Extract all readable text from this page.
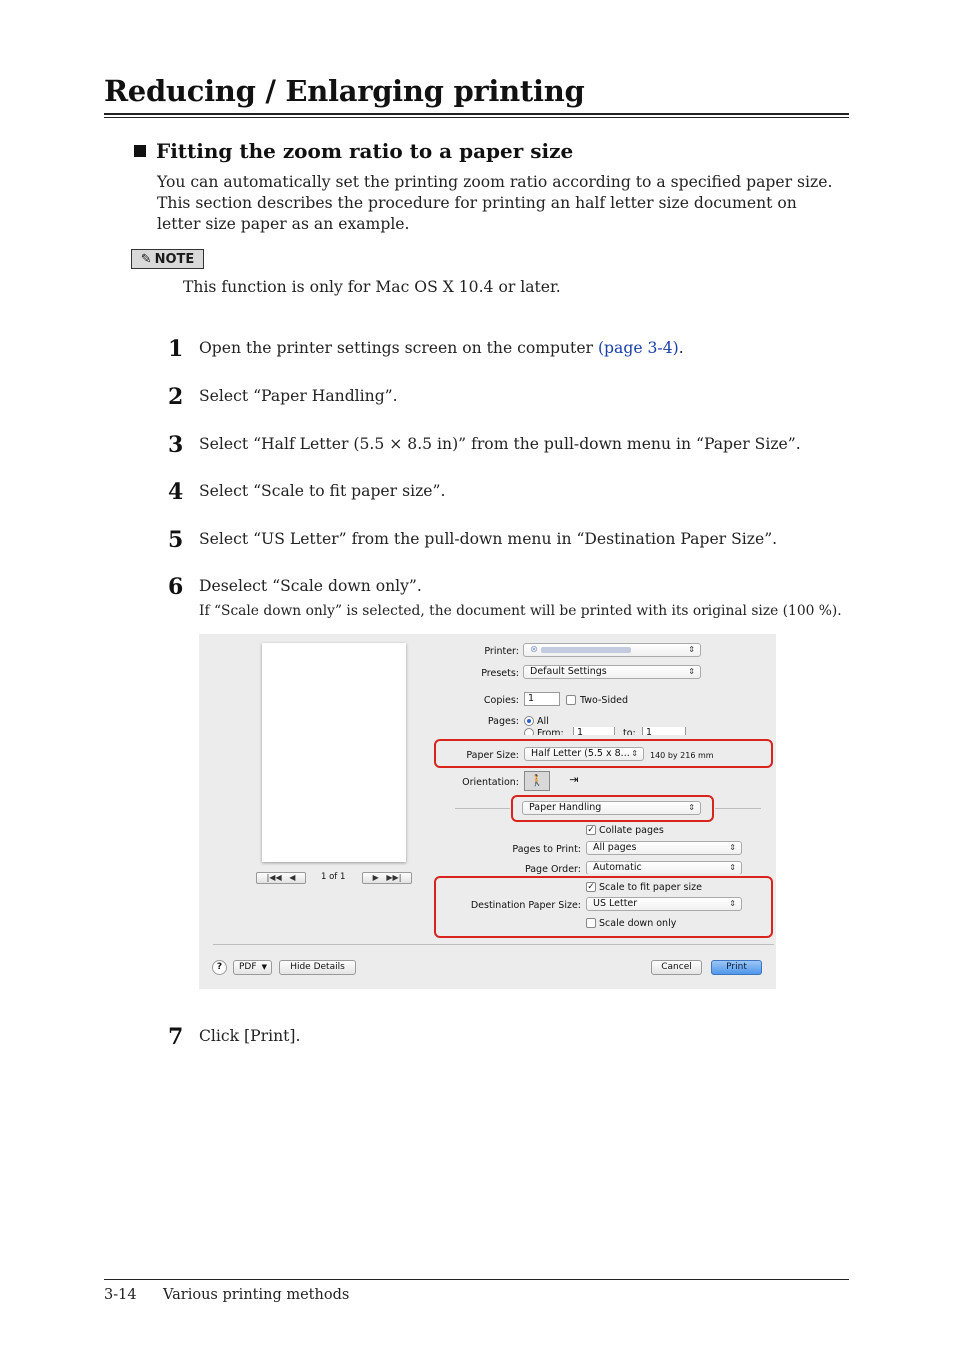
Reducing / Enlarging printing
Fitting the zoom ratio to a paper size
You can automatically set the printing zoom ratio according to a specified paper size. This section describes the procedure for printing an half letter size document on letter size paper as an example.
✎ NOTE
This function is only for Mac OS X 10.4 or later.
1 Open the printer settings screen on the computer (page 3-4).
2 Select “Paper Handling”.
3 Select “Half Letter (5.5 × 8.5 in)” from the pull-down menu in “Paper Size”.
4 Select “Scale to fit paper size”.
5 Select “US Letter” from the pull-down menu in “Destination Paper Size”.
6 Deselect “Scale down only”.
If “Scale down only” is selected, the document will be printed with its original size (100 %).
|◀◀   ◀	1 of 1	▶   ▶▶|
Printer:	⊗	⇕
Presets:	Default Settings	⇕
Copies: 1	Two-Sided
Pages: All
From:	1	to:	1
Paper Size:	Half Letter (5.5 x 8... ⇕ 140 by 216 mm
Orientation:	🚶	⇥
Paper Handling	⇕
✓ Collate pages
Pages to Print:	All pages	⇕
Page Order:	Automatic	⇕
✓ Scale to fit paper size
Destination Paper Size:	US Letter	⇕
Scale down only
?	PDF ▼	Hide Details	Cancel	Print
7 Click [Print].
3-14 Various printing methods
